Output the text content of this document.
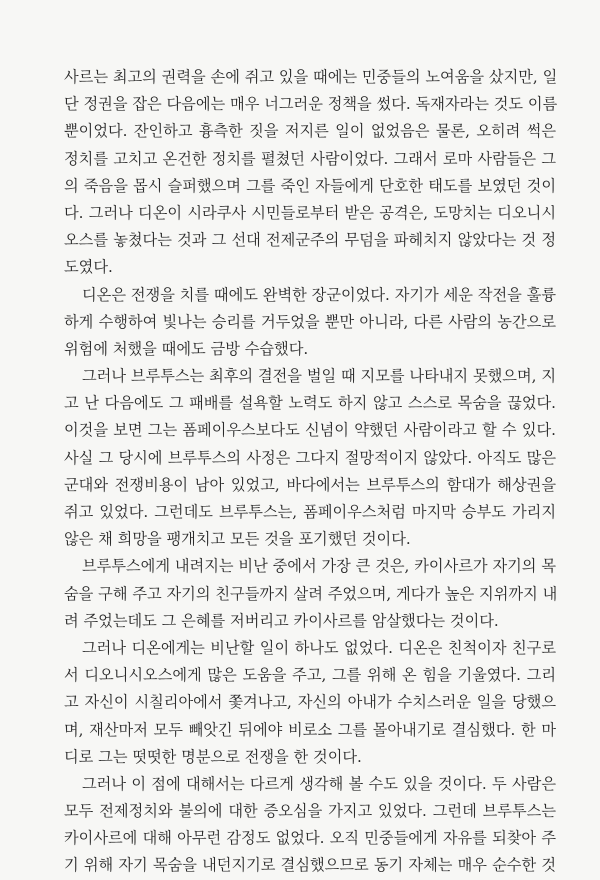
사르는 최고의 권력을 손에 쥐고 있을 때에는 민중들의 노여움을 샀지만, 일
단 정권을 잡은 다음에는 매우 너그러운 정책을 썼다. 독재자라는 것도 이름
뿐이었다. 잔인하고 흉측한 짓을 저지른 일이 없었음은 물론, 오히려 썩은
정치를 고치고 온건한 정치를 펼쳤던 사람이었다. 그래서 로마 사람들은 그
의 죽음을 몹시 슬퍼했으며 그를 죽인 자들에게 단호한 태도를 보였던 것이
다. 그러나 디온이 시라쿠사 시민들로부터 받은 공격은, 도망치는 디오니시
오스를 놓쳤다는 것과 그 선대 전제군주의 무덤을 파헤치지 않았다는 것 정
도였다.
디온은 전쟁을 치를 때에도 완벽한 장군이었다. 자기가 세운 작전을 훌륭
하게 수행하여 빛나는 승리를 거두었을 뿐만 아니라, 다른 사람의 농간으로
위험에 처했을 때에도 금방 수습했다.
그러나 브루투스는 최후의 결전을 벌일 때 지모를 나타내지 못했으며, 지
고 난 다음에도 그 패배를 설욕할 노력도 하지 않고 스스로 목숨을 끊었다.
이것을 보면 그는 폼페이우스보다도 신념이 약했던 사람이라고 할 수 있다.
사실 그 당시에 브루투스의 사정은 그다지 절망적이지 않았다. 아직도 많은
군대와 전쟁비용이 남아 있었고, 바다에서는 브루투스의 함대가 해상권을
쥐고 있었다. 그런데도 브루투스는, 폼페이우스처럼 마지막 승부도 가리지
않은 채 희망을 팽개치고 모든 것을 포기했던 것이다.
브루투스에게 내려지는 비난 중에서 가장 큰 것은, 카이사르가 자기의 목
숨을 구해 주고 자기의 친구들까지 살려 주었으며, 게다가 높은 지위까지 내
려 주었는데도 그 은혜를 저버리고 카이사르를 암살했다는 것이다.
그러나 디온에게는 비난할 일이 하나도 없었다. 디온은 친척이자 친구로
서 디오니시오스에게 많은 도움을 주고, 그를 위해 온 힘을 기울였다. 그리
고 자신이 시칠리아에서 쫓겨나고, 자신의 아내가 수치스러운 일을 당했으
며, 재산마저 모두 빼앗긴 뒤에야 비로소 그를 몰아내기로 결심했다. 한 마
디로 그는 떳떳한 명분으로 전쟁을 한 것이다.
그러나 이 점에 대해서는 다르게 생각해 볼 수도 있을 것이다. 두 사람은
모두 전제정치와 불의에 대한 증오심을 가지고 있었다. 그런데 브루투스는
카이사르에 대해 아무런 감정도 없었다. 오직 민중들에게 자유를 되찾아 주
기 위해 자기 목숨을 내던지기로 결심했으므로 동기 자체는 매우 순수한 것
